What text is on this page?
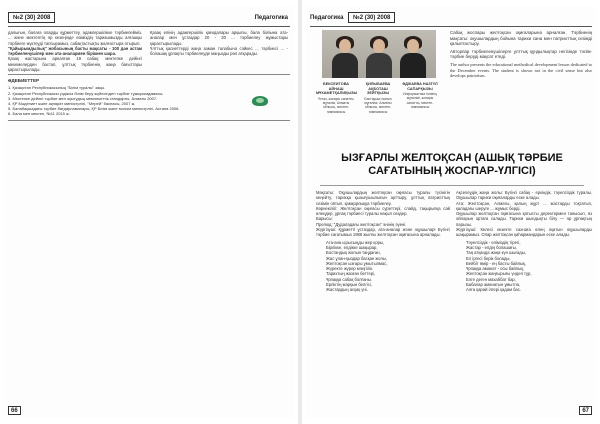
№2 (30) 2008	Педагогика

далығын, балаға оларды құрметтеу, адамгершілікке тәрбиелейміз. ... және мектептің әр кезеңінде өзіміздің тарихымызды алғашқы тәрбиеге жүктеуді тапсырамыз, сабақтастықты жалғастыра отырып.

"Қайырымдылық" жобасының басты мақсаты - 100 дан астам тәрбиеленушілер мен ата-аналармен біріккен шара.

Қазақ жастарына арналған 19 сабақ: мектепке дейінгі мекемелерден бастап, ұлттық тәрбиенің жаңа бағыттары қарастырылады.

Қазақ елінің адамгершілік қағидалары арқылы, бала бойына ата-аналар мен ұстаздар 20 - 30 ... тәрбиелеу жұмыстары қарастырылады.

Ұлттық қасиеттерді жаңа заман талабына сәйкес ... тәрбиесі ... - болашақ ұрпақты тәрбиелеуде маңызды рөл атқарады.

ӘДЕБИЕТТЕР
1. Қазақстан Республикасының "Білім туралы" заңы.
2. Қазақстан Республикасы үздіксіз білім беру жүйесіндегі тәрбие тұжырымдамасы.
3. Мектепке дейінгі тәрбие мен оқытудың мемлекеттік стандарты, Алматы 2007.
4. ҚР Мәдениет және ақпарат министрлігі, "Мерей" баспасы, 2007 ж.
5. Балабақшадағы тәрбие бағдарламалары, ҚР Білім және ғылым министрлігі, Астана 2006.
6. Бала мен мектеп, №11 2015 ж.
66
Педагогика	№2 (30) 2008
БЕКСЕИТОВА АЙНАШ МҰХАМЕТҚАЛИҚЫЗЫ
Ұстаз, жоғары санатты мұғалім, Алматы облысы, мектеп-гимназиясы
ҚИЛЫБАЕВА АҚБОТАШ ЗЕЙТҚЫЗЫ
Бастауыш сынып мұғалімі, Алматы облысы, мектеп-гимназиясы
ӘДЖАЕВА НАЗГҮЛ САПАРҚЫЗЫ
Информатика пәнінің мұғалімі, жоғары санатты, мектеп-гимназиясы

Сабақ жоспары желтоқсан оқиғаларына арналған. Тәрбиенің мақсаты: оқушылардың бойына тарихи сана мен патриоттық сезімді қалыптастыру.

Авторлар тәрбиеленушілерге ұлттық құндылықтар негізінде тәлім-тәрбие беруді мақсат етеді.

The author presents the educational methodical development lesson dedicated to the December events. The student is shown not in the civil sense but also develops patriotism.

ЫЗҒАРЛЫ ЖЕЛТОҚСАН (АШЫҚ ТӘРБИЕ САҒАТЫНЫҢ ЖОСПАР-ҮЛГІСІ)

Мақсаты: Оқушылардың желтоқсан оқиғасы туралы түсінігін кеңейту, тарихқа қызығушылығын арттыру, ұлттық патриоттық сезімін оятып, қамқорлыққа тәрбиелеу.

Көрнекілігі: Желтоқсан оқиғасы суреттері, слайд, тақырыпқа сай өлеңдер, ұрпақ тәрбиесі туралы нақыл сөздер.

Барысы:

Прелюд: "Дудаладағы желтоқсан" әнінің әуені.

Жүргізуші: Құрметті ұстаздар, ата-аналар және оқушылар! Бүгінгі тәрбие сағатымыз 1986 жылғы желтоқсан оқиғасына арналады.

Ата-ана ырысыңды жер қоры,
Бірлікке, елдікке шақырар,
Бостандық жолын таңдаған,
Жас ұлан-қыздар басқан жолы,
Желтоқсан ызғары ұмытылмас,
Жүректе жүрер мәңгілік.
Тарихтың жазған беттері,
Ұрпаққа сабақ болғаны.
Ерліктің жарқын белгісі,
Жастардың асқақ үні.

Ақселеудің жаңа жолы: Бүгінгі сабақ - еркіндік, тәуелсіздік туралы. Оқушылар тарихи оқиғаларды еске алады.

Ата: Желтоқсан, Алматы, қалың жұрт ... жастарды тоқтатып, қаладағы шеруге ... жұмыс берді.

Оқушылар желтоқсан оқиғасына қатысты деректермен танысып, өз ойларын ортаға салады. Тарихи шындықты білу — әр ұрпақтың парызы.

Жүргізуші: Келесі кезекте сахнаға өлең оқитын оқушыларды шақырамыз. Олар желтоқсан қаһармандарын еске алады.

Тәуелсіздік - еліміздің тірегі,
Жастар - елдің болашағы,
Таң атқанда жаңа күн шығады,
Ел іргесі берік болады,
Бейбіт өмір - ең басты байлық,
Ұрпаққа аманат - осы байлық,
Желтоқсан жаңғырығы үндеп тұр,
Елге деген махаббат бар,
Бабалар аманатын ұмытпа,
Алға қарай ілгері қадам бас.
67
